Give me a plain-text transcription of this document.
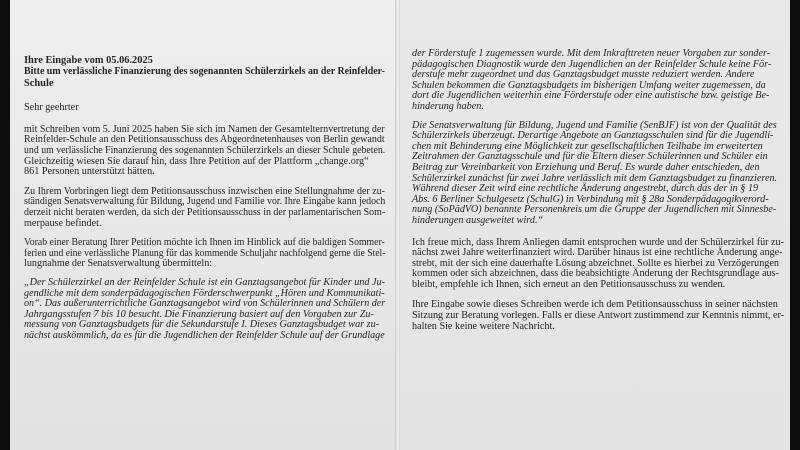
Ihre Eingabe vom 05.06.2025

Bitte um verlässliche Finanzierung des sogenannten Schülerzirkels an der Reinfelder-

Schule

Sehr geehrter

mit Schreiben vom 5. Juni 2025 haben Sie sich im Namen der Gesamtelternvertretung der
Reinfelder-Schule an den Petitionsausschuss des Abgeordnetenhauses von Berlin gewandt
und um verlässliche Finanzierung des sogenannten Schülerzirkels an dieser Schule gebeten.
Gleichzeitig wiesen Sie darauf hin, dass Ihre Petition auf der Plattform „change.org“
861 Personen unterstützt hätten.
Zu Ihrem Vorbringen liegt dem Petitionsausschuss inzwischen eine Stellungnahme der zu-
ständigen Senatsverwaltung für Bildung, Jugend und Familie vor. Ihre Eingabe kann jedoch
derzeit nicht beraten werden, da sich der Petitionsausschuss in der parlamentarischen Som-
merpause befindet.
Vorab einer Beratung Ihrer Petition möchte ich Ihnen im Hinblick auf die baldigen Sommer-
ferien und eine verlässliche Planung für das kommende Schuljahr nachfolgend gerne die Stel-
lungnahme der Senatsverwaltung übermitteln:
„Der Schülerzirkel an der Reinfelder Schule ist ein Ganztagsangebot für Kinder und Ju-
gendliche mit dem sonderpädagogischen Förderschwerpunkt „Hören und Kommunikati-
on“. Das außerunterrichtliche Ganztagsangebot wird von Schülerinnen und Schülern der
Jahrgangsstufen 7 bis 10 besucht. Die Finanzierung basiert auf den Vorgaben zur Zu-
messung von Ganztagsbudgets für die Sekundarstufe I. Dieses Ganztagsbudget war zu-
nächst auskömmlich, da es für die Jugendlichen der Reinfelder Schule auf der Grundlage
der Förderstufe 1 zugemessen wurde. Mit dem Inkrafttreten neuer Vorgaben zur sonder-
pädagogischen Diagnostik wurde den Jugendlichen an der Reinfelder Schule keine För-
derstufe mehr zugeordnet und das Ganztagsbudget musste reduziert werden. Andere
Schulen bekommen die Ganztagsbudgets im bisherigen Umfang weiter zugemessen, da
dort die Jugendlichen weiterhin eine Förderstufe oder eine autistische bzw. geistige Be-
hinderung haben.
Die Senatsverwaltung für Bildung, Jugend und Familie (SenBJF) ist von der Qualität des
Schülerzirkels überzeugt. Derartige Angebote an Ganztagsschulen sind für die Jugendli-
chen mit Behinderung eine Möglichkeit zur gesellschaftlichen Teilhabe im erweiterten
Zeitrahmen der Ganztagsschule und für die Eltern dieser Schülerinnen und Schüler ein
Beitrag zur Vereinbarkeit von Erziehung und Beruf. Es wurde daher entschieden, den
Schülerzirkel zunächst für zwei Jahre verlässlich mit dem Ganztagsbudget zu finanzieren.
Während dieser Zeit wird eine rechtliche Änderung angestrebt, durch das der in § 19
Abs. 6 Berliner Schulgesetz (SchulG) in Verbindung mit § 28a Sonderpädagogikverord-
nung (SoPädVO) benannte Personenkreis um die Gruppe der Jugendlichen mit Sinnesbe-
hinderungen ausgeweitet wird.“
Ich freue mich, dass Ihrem Anliegen damit entsprochen wurde und der Schülerzirkel für zu-
nächst zwei Jahre weiterfinanziert wird. Darüber hinaus ist eine rechtliche Änderung ange-
strebt, mit der sich eine dauerhafte Lösung abzeichnet. Sollte es hierbei zu Verzögerungen
kommen oder sich abzeichnen, dass die beabsichtigte Änderung der Rechtsgrundlage aus-
bleibt, empfehle ich Ihnen, sich erneut an den Petitionsausschuss zu wenden.
Ihre Eingabe sowie dieses Schreiben werde ich dem Petitionsausschuss in seiner nächsten
Sitzung zur Beratung vorlegen. Falls er diese Antwort zustimmend zur Kenntnis nimmt, er-
halten Sie keine weitere Nachricht.
